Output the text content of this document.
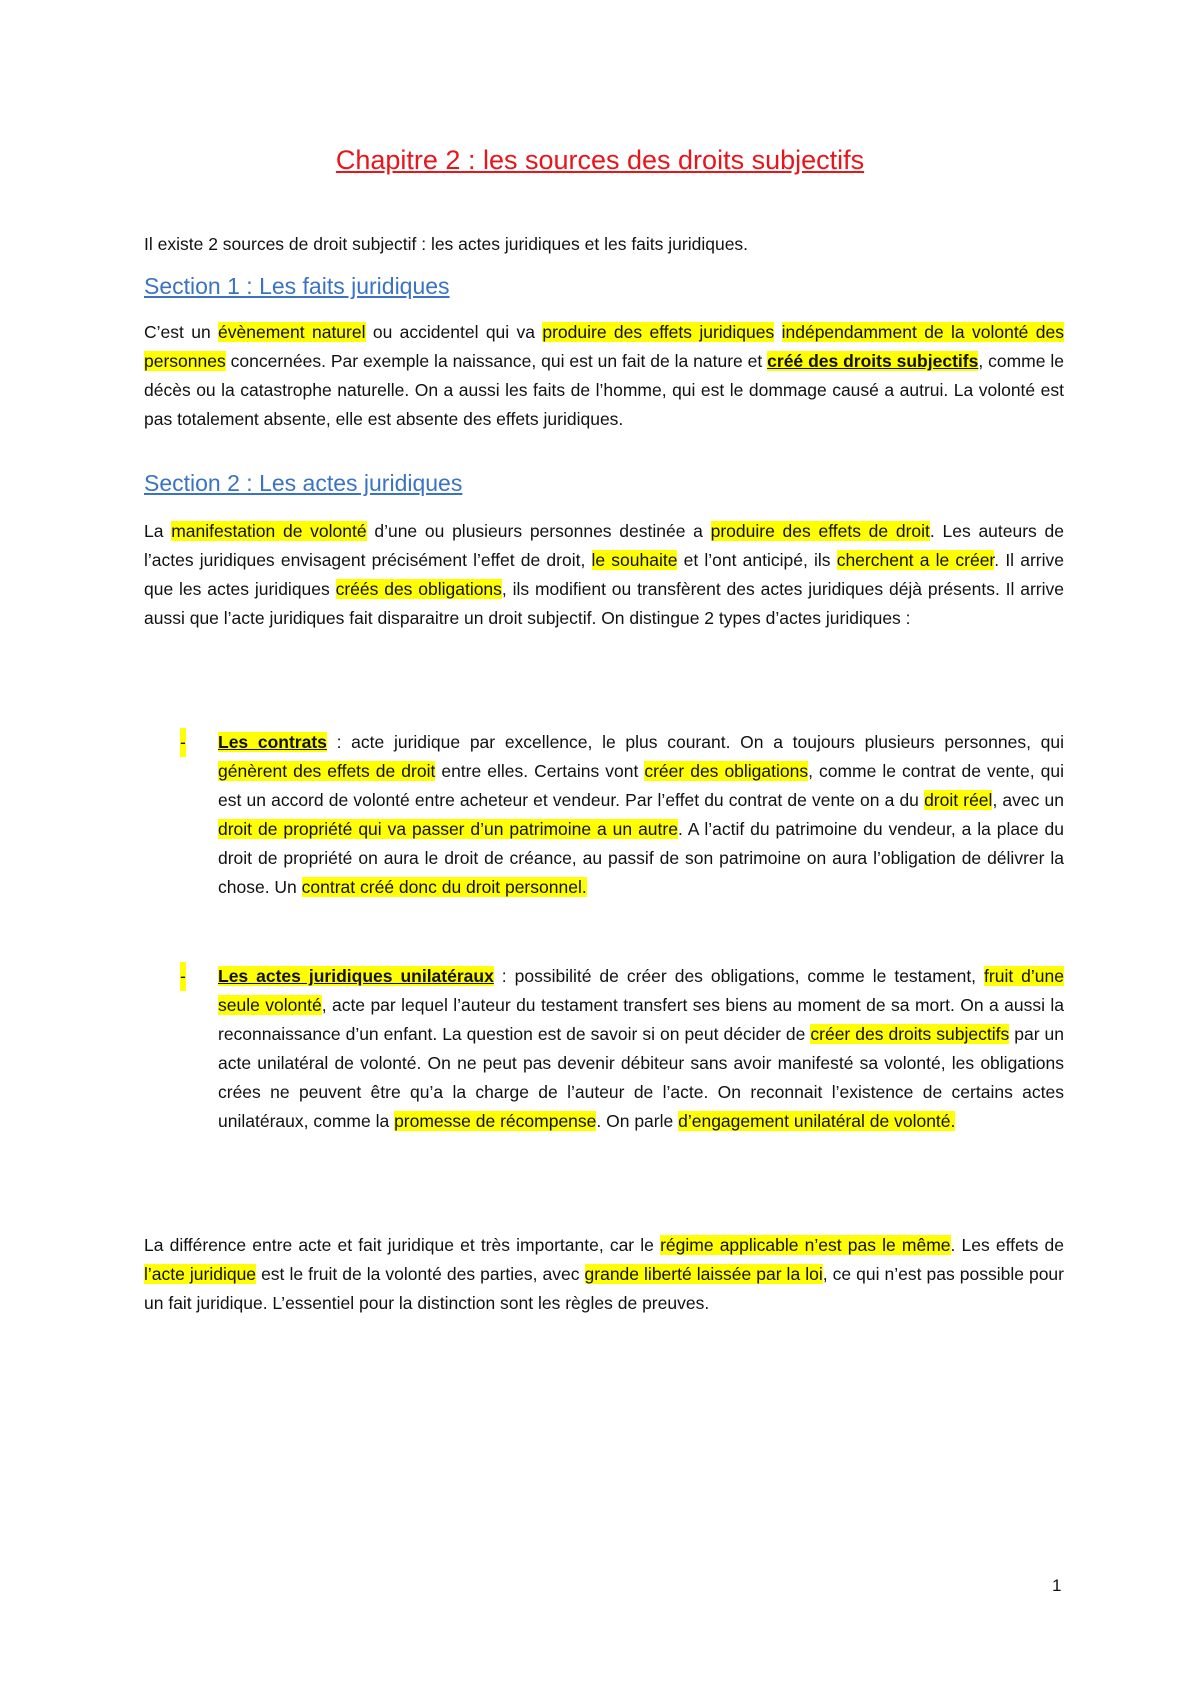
Chapitre 2 : les sources des droits subjectifs
Il existe 2 sources de droit subjectif : les actes juridiques et les faits juridiques.
Section 1 : Les faits juridiques
C’est un évènement naturel ou accidentel qui va produire des effets juridiques indépendamment de la volonté des personnes concernées. Par exemple la naissance, qui est un fait de la nature et créé des droits subjectifs, comme le décès ou la catastrophe naturelle. On a aussi les faits de l’homme, qui est le dommage causé a autrui. La volonté est pas totalement absente, elle est absente des effets juridiques.
Section 2 : Les actes juridiques
La manifestation de volonté d’une ou plusieurs personnes destinée a produire des effets de droit. Les auteurs de l’actes juridiques envisagent précisément l’effet de droit, le souhaite et l’ont anticipé, ils cherchent a le créer. Il arrive que les actes juridiques créés des obligations, ils modifient ou transfèrent des actes juridiques déjà présents. Il arrive aussi que l’acte juridiques fait disparaitre un droit subjectif. On distingue 2 types d’actes juridiques :
- Les contrats : acte juridique par excellence, le plus courant. On a toujours plusieurs personnes, qui génèrent des effets de droit entre elles. Certains vont créer des obligations, comme le contrat de vente, qui est un accord de volonté entre acheteur et vendeur. Par l’effet du contrat de vente on a du droit réel, avec un droit de propriété qui va passer d’un patrimoine a un autre. A l’actif du patrimoine du vendeur, a la place du droit de propriété on aura le droit de créance, au passif de son patrimoine on aura l’obligation de délivrer la chose. Un contrat créé donc du droit personnel.
- Les actes juridiques unilatéraux : possibilité de créer des obligations, comme le testament, fruit d’une seule volonté, acte par lequel l’auteur du testament transfert ses biens au moment de sa mort. On a aussi la reconnaissance d’un enfant. La question est de savoir si on peut décider de créer des droits subjectifs par un acte unilatéral de volonté. On ne peut pas devenir débiteur sans avoir manifesté sa volonté, les obligations crées ne peuvent être qu’a la charge de l’auteur de l’acte. On reconnait l’existence de certains actes unilatéraux, comme la promesse de récompense. On parle d’engagement unilatéral de volonté.
La différence entre acte et fait juridique et très importante, car le régime applicable n’est pas le même. Les effets de l’acte juridique est le fruit de la volonté des parties, avec grande liberté laissée par la loi, ce qui n’est pas possible pour un fait juridique. L’essentiel pour la distinction sont les règles de preuves.
1
